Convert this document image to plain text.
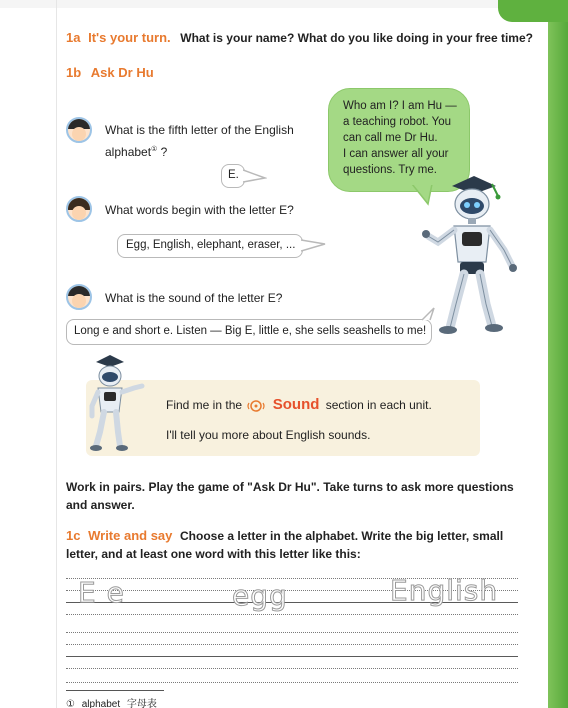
1a It's your turn. What is your name? What do you like doing in your free time?
1b Ask Dr Hu
Who am I? I am Hu —
a teaching robot. You
can call me Dr Hu.
I can answer all your
questions. Try me.
What is the fifth letter of the English
alphabet① ?
E.
What words begin with the letter E?
Egg, English, elephant, eraser, ...
What is the sound of the letter E?
Long e and short e. Listen — Big E, little e, she sells seashells to me!
Find me in the Sound section in each unit.
I'll tell you more about English sounds.
Work in pairs. Play the game of "Ask Dr Hu". Take turns to ask more questions and answer.
1c Write and say Choose a letter in the alphabet. Write the big letter, small letter, and at least one word with this letter like this:
E e	egg	English
① alphabet 字母表
